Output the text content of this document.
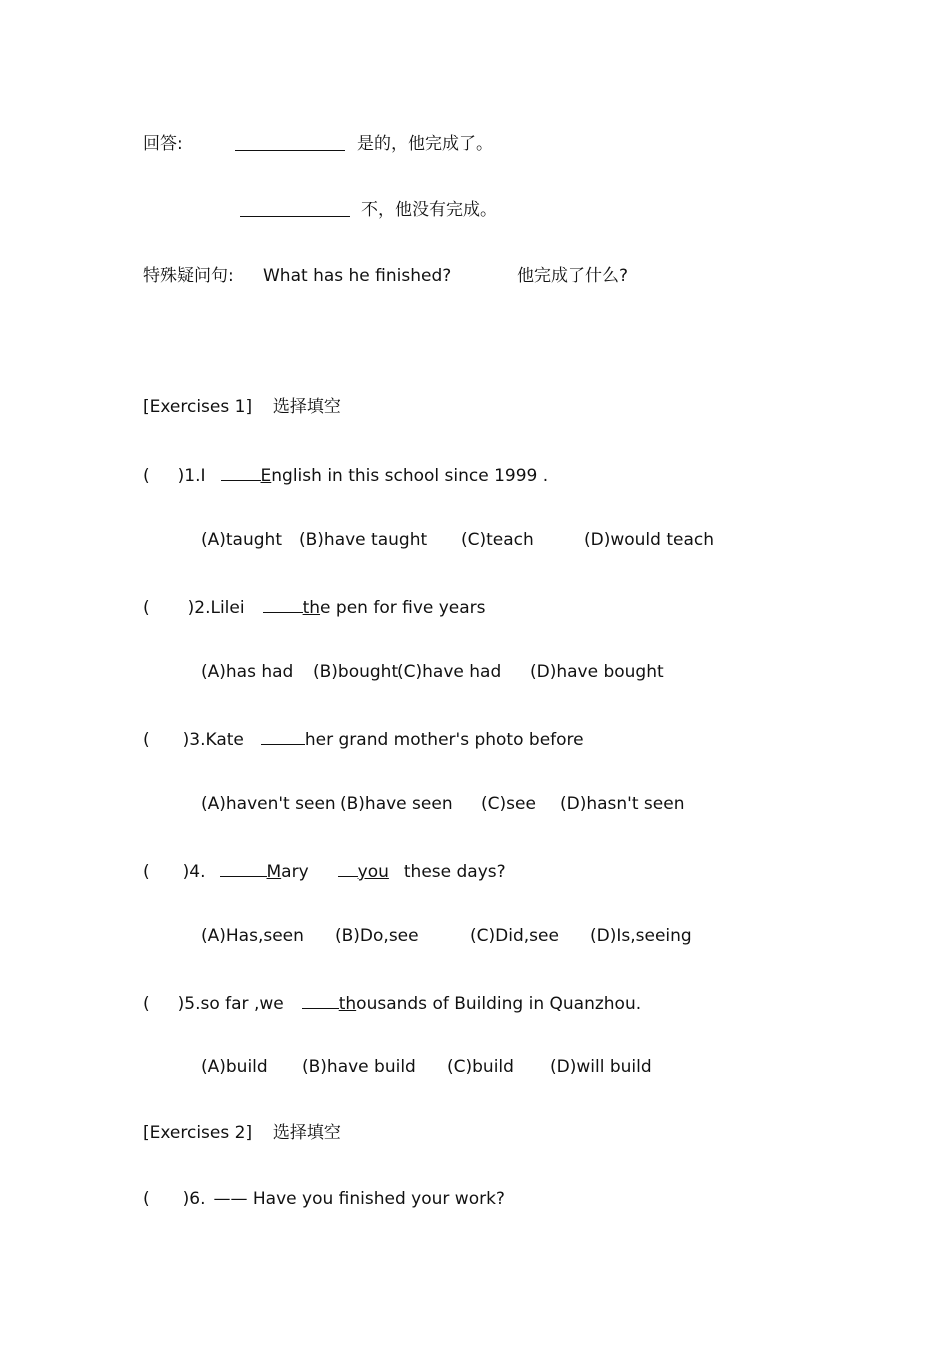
回答:	是的，他完成了。
不，他没有完成。
特殊疑问句: What has he finished?	他完成了什么?
[Exercises 1] 选择填空
( )1.I	English in this school since 1999 .
(A)taught (B)have taught (C)teach	(D)would teach
( )2.Lilei	the pen for five years
(A)has had (B)bought
(C)have had (D)have bought
( )3.Kate	her grand mother's photo before
(A)haven't seen (B)have seen (C)see (D)hasn't seen
( )4.	Mary	you these days?
(A)Has,seen (B)Do,see	(C)Did,see (D)Is,seeing
( )5.so far ,we	thousands of Building in Quanzhou.
(A)build (B)have build (C)build (D)will build
[Exercises 2] 选择填空
( )6. —— Have you finished your work?
